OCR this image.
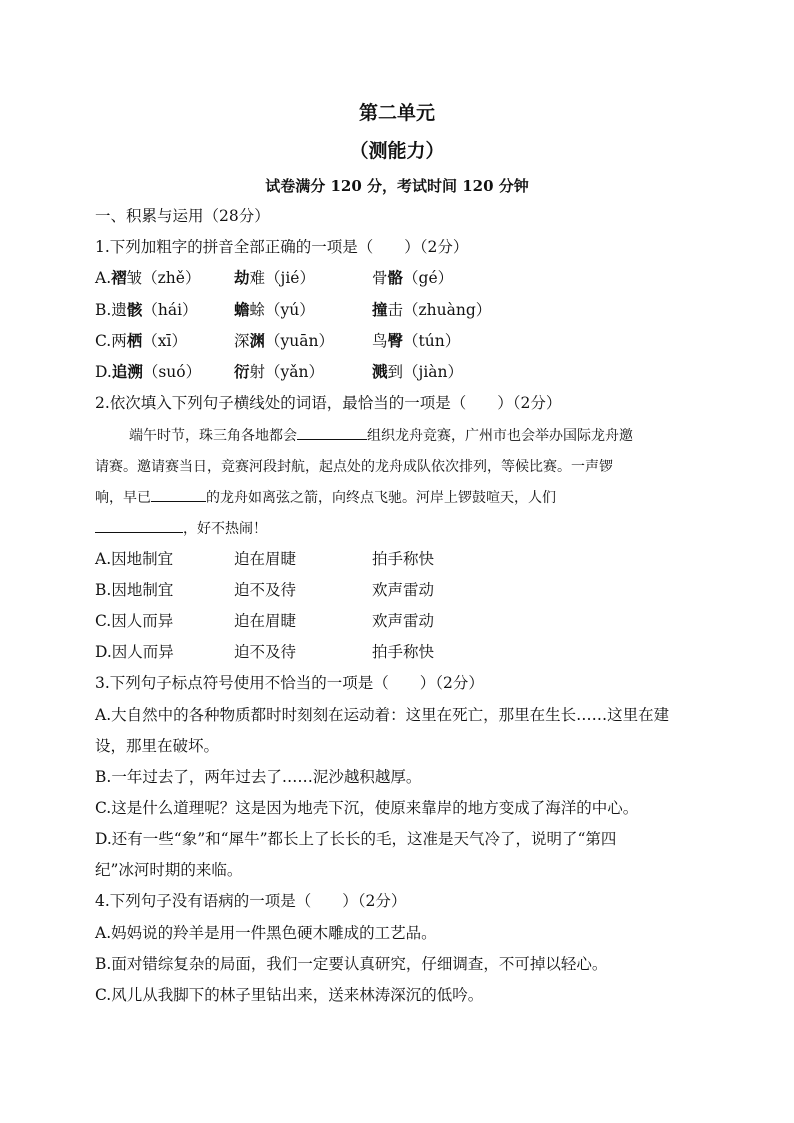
第二单元
（测能力）
试卷满分 120 分，考试时间 120 分钟
一、积累与运用（28分）
1.下列加粗字的拼音全部正确的一项是（　　）（2分）
A.褶皱（zhě） 劫难（jié）	骨骼（gé）
B.遗骸（hái） 蟾蜍（yú）	撞击（zhuàng）
C.两栖（xī）	深渊（yuān） 鸟臀（tún）
D.追溯（suó） 衍射（yǎn）	溅到（jiàn）
2.依次填入下列句子横线处的词语，最恰当的一项是（　　）（2分）
端午时节，珠三角各地都会	组织龙舟竞赛，广州市也会举办国际龙舟邀
请赛。邀请赛当日，竞赛河段封航，起点处的龙舟成队依次排列，等候比赛。一声锣
响，早已	的龙舟如离弦之箭，向终点飞驰。河岸上锣鼓喧天，人们
，好不热闹！
A.因地制宜	迫在眉睫	拍手称快
B.因地制宜	迫不及待	欢声雷动
C.因人而异	迫在眉睫	欢声雷动
D.因人而异	迫不及待	拍手称快
3.下列句子标点符号使用不恰当的一项是（　　）（2分）
A.大自然中的各种物质都时时刻刻在运动着：这里在死亡，那里在生长……这里在建
设，那里在破坏。
B.一年过去了，两年过去了……泥沙越积越厚。
C.这是什么道理呢？这是因为地壳下沉，使原来靠岸的地方变成了海洋的中心。
D.还有一些“象”和“犀牛”都长上了长长的毛，这准是天气冷了，说明了“第四
纪”冰河时期的来临。
4.下列句子没有语病的一项是（　　）（2分）
A.妈妈说的羚羊是用一件黑色硬木雕成的工艺品。
B.面对错综复杂的局面，我们一定要认真研究，仔细调查，不可掉以轻心。
C.风儿从我脚下的林子里钻出来，送来林涛深沉的低吟。
